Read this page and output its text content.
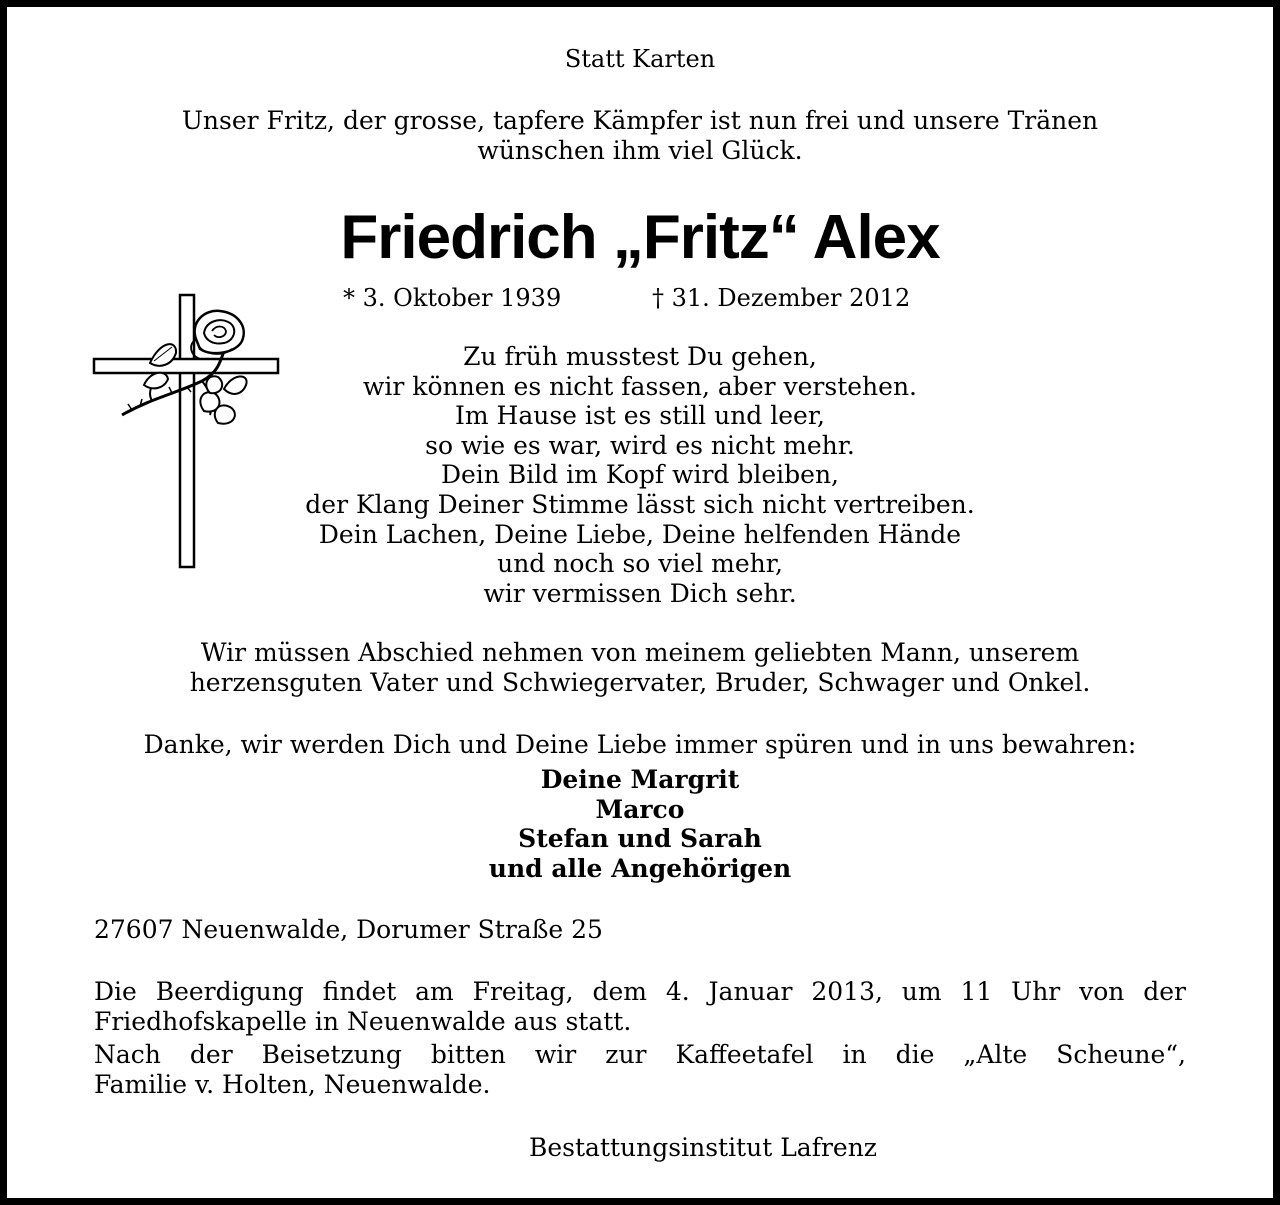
Statt Karten
Unser Fritz, der grosse, tapfere Kämpfer ist nun frei und unsere Tränen
wünschen ihm viel Glück.
Friedrich „Fritz“ Alex
* 3. Oktober 1939	† 31. Dezember 2012
Zu früh musstest Du gehen,
wir können es nicht fassen, aber verstehen.
Im Hause ist es still und leer,
so wie es war, wird es nicht mehr.
Dein Bild im Kopf wird bleiben,
der Klang Deiner Stimme lässt sich nicht vertreiben.
Dein Lachen, Deine Liebe, Deine helfenden Hände
und noch so viel mehr,
wir vermissen Dich sehr.
Wir müssen Abschied nehmen von meinem geliebten Mann, unserem
herzensguten Vater und Schwiegervater, Bruder, Schwager und Onkel.
Danke, wir werden Dich und Deine Liebe immer spüren und in uns bewahren:
Deine Margrit
Marco
Stefan und Sarah
und alle Angehörigen
27607 Neuenwalde, Dorumer Straße 25
Die Beerdigung findet am Freitag, dem 4. Januar 2013, um 11 Uhr von der
Friedhofskapelle in Neuenwalde aus statt.
Nach der Beisetzung bitten wir zur Kaffeetafel in die „Alte Scheune“,
Familie v. Holten, Neuenwalde.
Bestattungsinstitut Lafrenz
